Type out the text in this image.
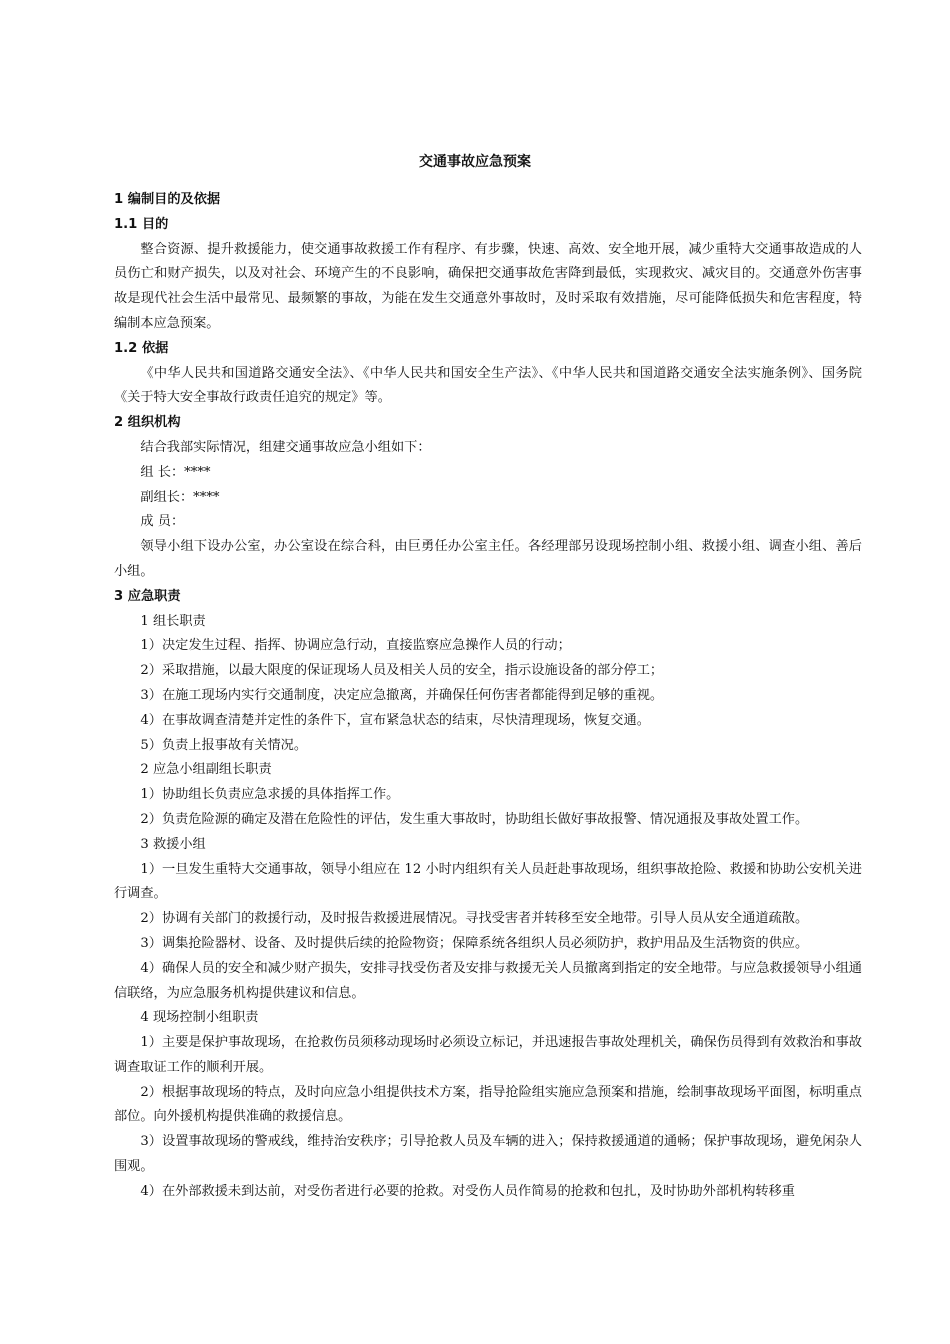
交通事故应急预案
1 编制目的及依据
1.1 目的

整合资源、提升救援能力，使交通事故救援工作有程序、有步骤，快速、高效、安全地开展，减少重特大交通事故造成的人员伤亡和财产损失，以及对社会、环境产生的不良影响，确保把交通事故危害降到最低，实现救灾、减灾目的。交通意外伤害事故是现代社会生活中最常见、最频繁的事故，为能在发生交通意外事故时，及时采取有效措施，尽可能降低损失和危害程度，特编制本应急预案。

1.2 依据

《中华人民共和国道路交通安全法》、《中华人民共和国安全生产法》、《中华人民共和国道路交通安全法实施条例》、国务院《关于特大安全事故行政责任追究的规定》等。

2 组织机构
结合我部实际情况，组建交通事故应急小组如下：
组 长：****
副组长：****
成 员：

领导小组下设办公室，办公室设在综合科，由巨勇任办公室主任。各经理部另设现场控制小组、救援小组、调查小组、善后小组。

3 应急职责
1 组长职责
1）决定发生过程、指挥、协调应急行动，直接监察应急操作人员的行动；
2）采取措施，以最大限度的保证现场人员及相关人员的安全，指示设施设备的部分停工；
3）在施工现场内实行交通制度，决定应急撤离，并确保任何伤害者都能得到足够的重视。
4）在事故调查清楚并定性的条件下，宣布紧急状态的结束，尽快清理现场，恢复交通。
5）负责上报事故有关情况。
2 应急小组副组长职责
1）协助组长负责应急求援的具体指挥工作。
2）负责危险源的确定及潜在危险性的评估，发生重大事故时，协助组长做好事故报警、情况通报及事故处置工作。
3 救援小组

1）一旦发生重特大交通事故，领导小组应在 12 小时内组织有关人员赶赴事故现场，组织事故抢险、救援和协助公安机关进行调查。

2）协调有关部门的救援行动，及时报告救援进展情况。寻找受害者并转移至安全地带。引导人员从安全通道疏散。
3）调集抢险器材、设备、及时提供后续的抢险物资；保障系统各组织人员必须防护，救护用品及生活物资的供应。

4）确保人员的安全和减少财产损失，安排寻找受伤者及安排与救援无关人员撤离到指定的安全地带。与应急救援领导小组通信联络，为应急服务机构提供建议和信息。

4 现场控制小组职责

1）主要是保护事故现场，在抢救伤员须移动现场时必须设立标记，并迅速报告事故处理机关，确保伤员得到有效救治和事故调查取证工作的顺利开展。

2）根据事故现场的特点，及时向应急小组提供技术方案，指导抢险组实施应急预案和措施，绘制事故现场平面图，标明重点部位。向外援机构提供准确的救援信息。

3）设置事故现场的警戒线，维持治安秩序；引导抢救人员及车辆的进入；保持救援通道的通畅；保护事故现场，避免闲杂人围观。

4）在外部救援未到达前，对受伤者进行必要的抢救。对受伤人员作简易的抢救和包扎，及时协助外部机构转移重
